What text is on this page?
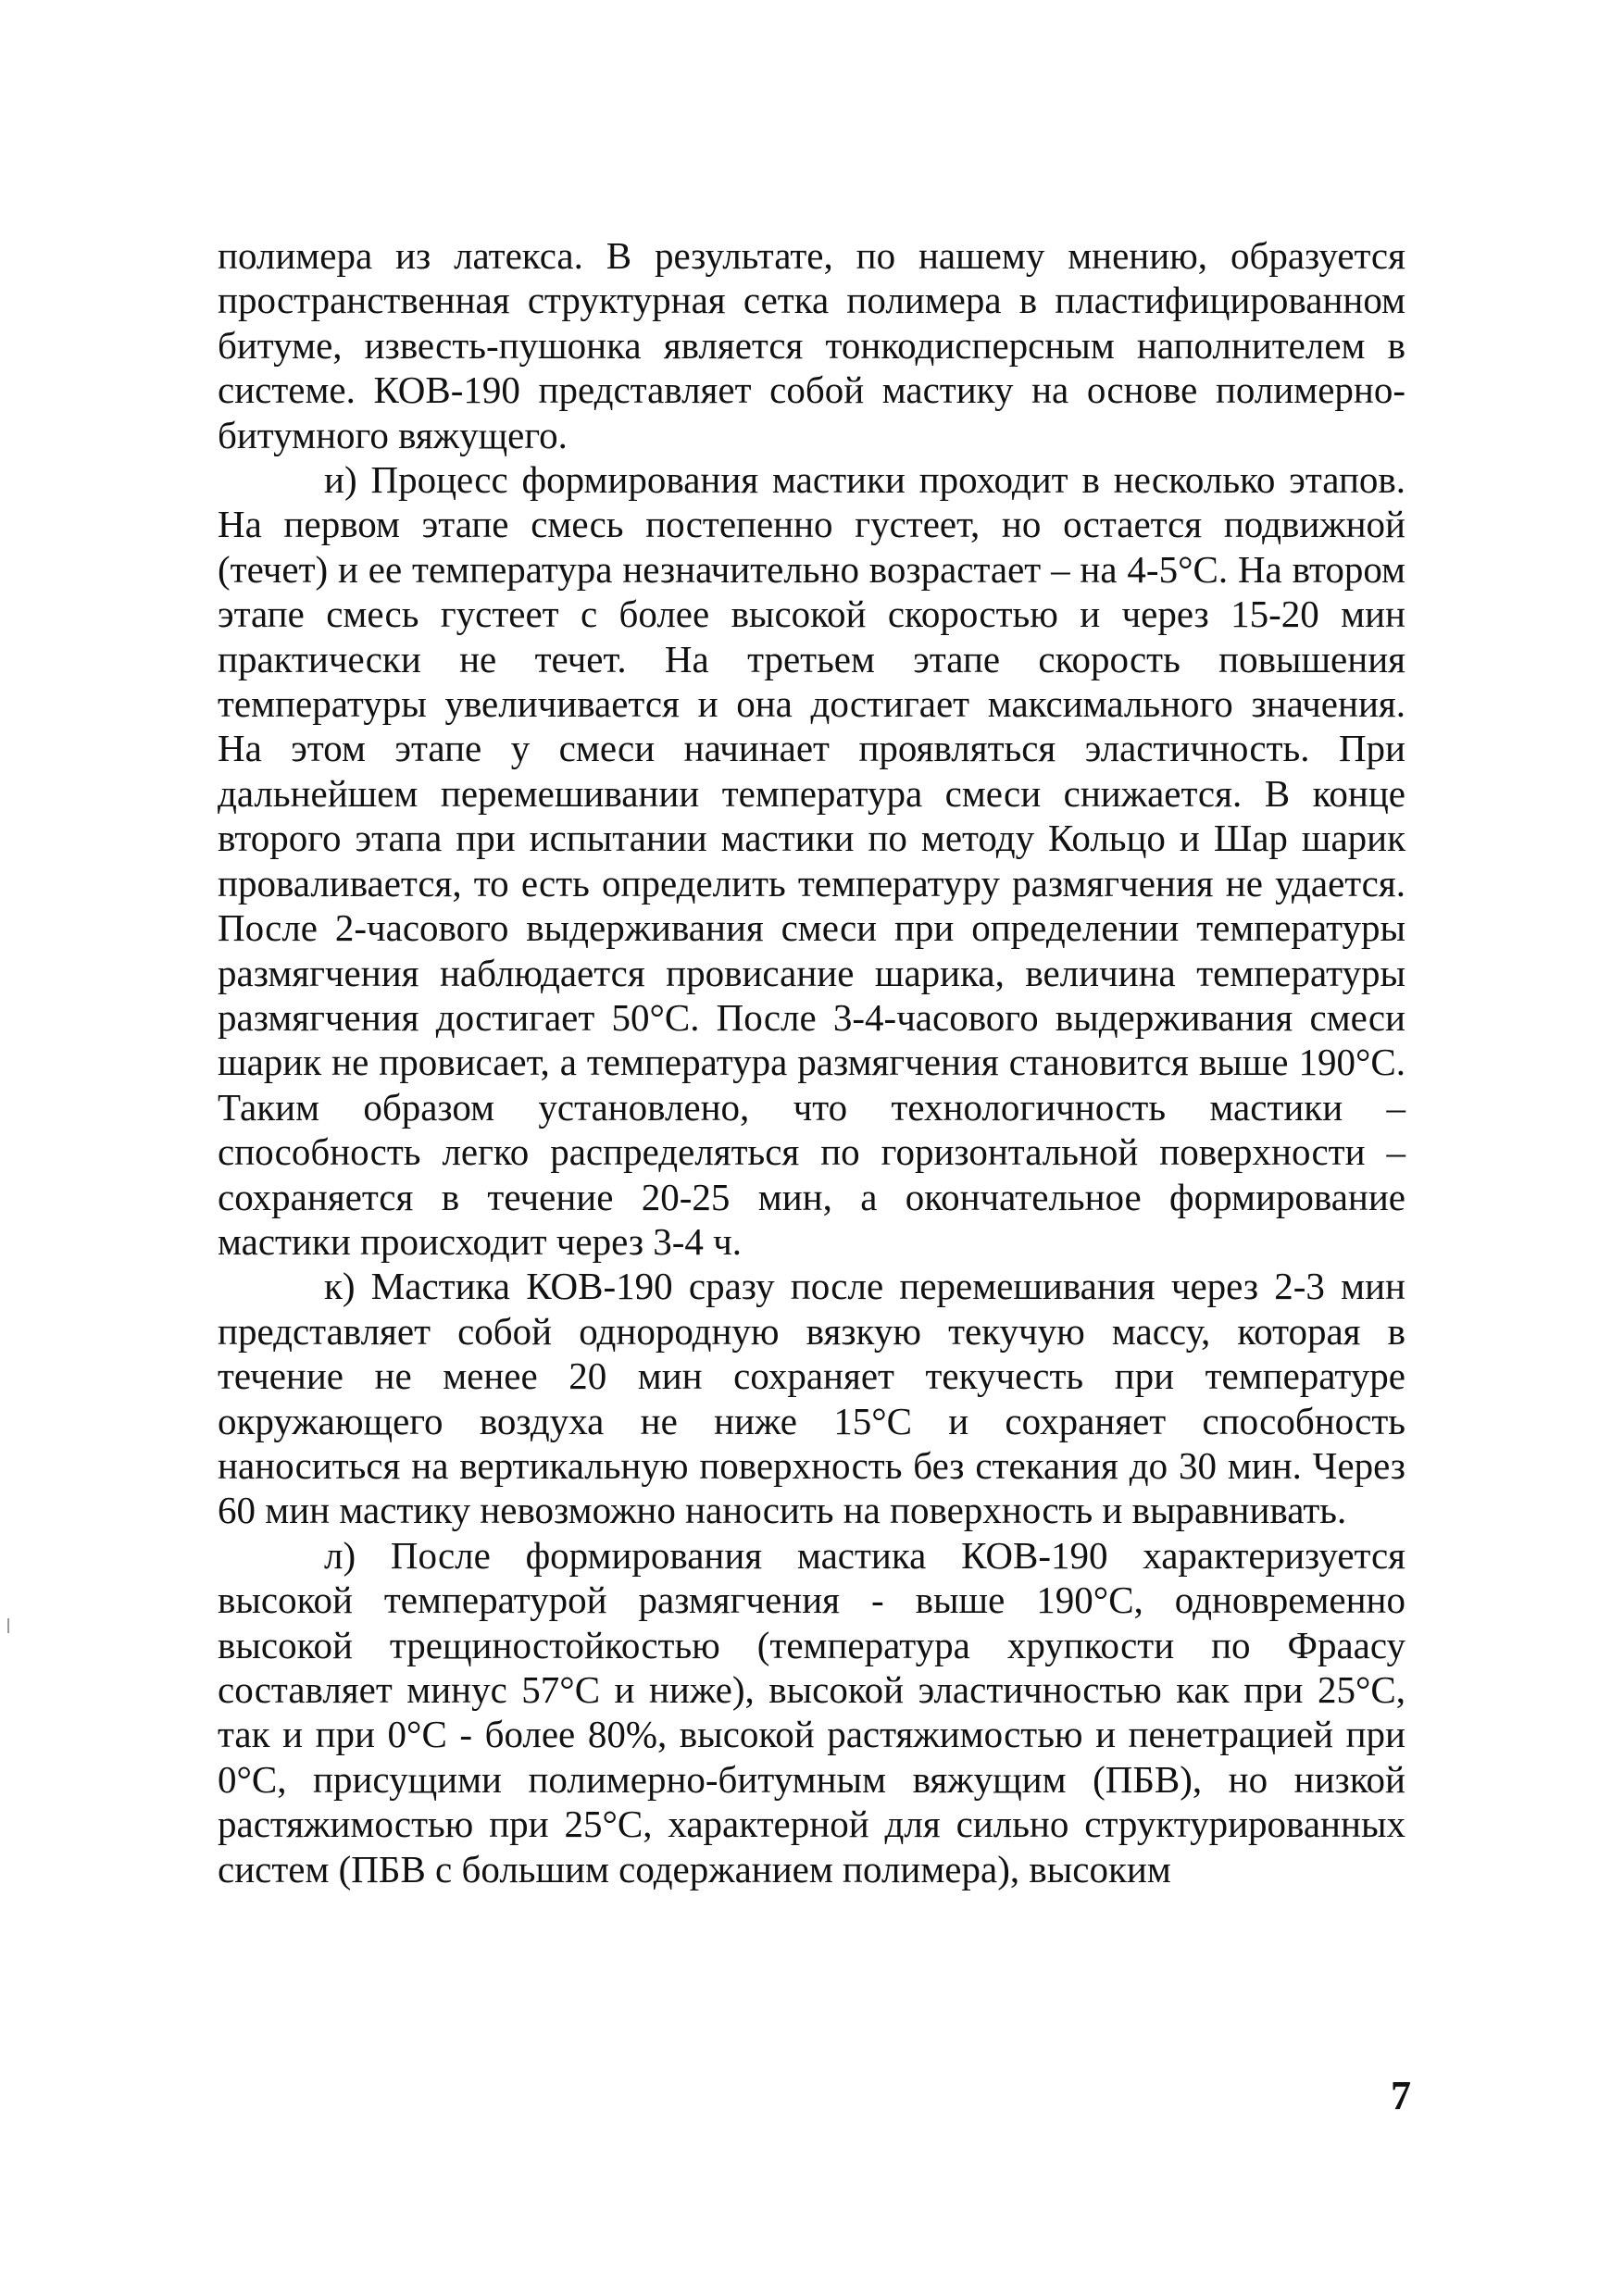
полимера из латекса. В результате, по нашему мнению, образуется пространственная структурная сетка полимера в пластифицированном битуме, известь-пушонка является тонкодисперсным наполнителем в системе. КОВ-190 представляет собой мастику на основе полимерно-битумного вяжущего.

и) Процесс формирования мастики проходит в несколько этапов. На первом этапе смесь постепенно густеет, но остается подвижной (течет) и ее температура незначительно возрастает – на 4-5°С. На втором этапе смесь густеет с более высокой скоростью и через 15-20 мин практически не течет. На третьем этапе скорость повышения температуры увеличивается и она достигает максимального значения. На этом этапе у смеси начинает проявляться эластичность. При дальнейшем перемешивании температура смеси снижается. В конце второго этапа при испытании мастики по методу Кольцо и Шар шарик проваливается, то есть определить температуру размягчения не удается. После 2-часового выдерживания смеси при определении температуры размягчения наблюдается провисание шарика, величина температуры размягчения достигает 50°С. После 3-4-часового выдерживания смеси шарик не провисает, а температура размягчения становится выше 190°С. Таким образом установлено, что технологичность мастики – способность легко распределяться по горизонтальной поверхности – сохраняется в течение 20-25 мин, а окончательное формирование мастики происходит через 3-4 ч.

к) Мастика КОВ-190 сразу после перемешивания через 2-3 мин представляет собой однородную вязкую текучую массу, которая в течение не менее 20 мин сохраняет текучесть при температуре окружающего воздуха не ниже 15°С и сохраняет способность наноситься на вертикальную поверхность без стекания до 30 мин. Через 60 мин мастику невозможно наносить на поверхность и выравнивать.

л) После формирования мастика КОВ-190 характеризуется высокой температурой размягчения - выше 190°С, одновременно высокой трещиностойкостью (температура хрупкости по Фраасу составляет минус 57°С и ниже), высокой эластичностью как при 25°С, так и при 0°С - более 80%, высокой растяжимостью и пенетрацией при 0°С, присущими полимерно-битумным вяжущим (ПБВ), но низкой растяжимостью при 25°С, характерной для сильно структурированных систем (ПБВ с большим содержанием полимера), высоким

7
